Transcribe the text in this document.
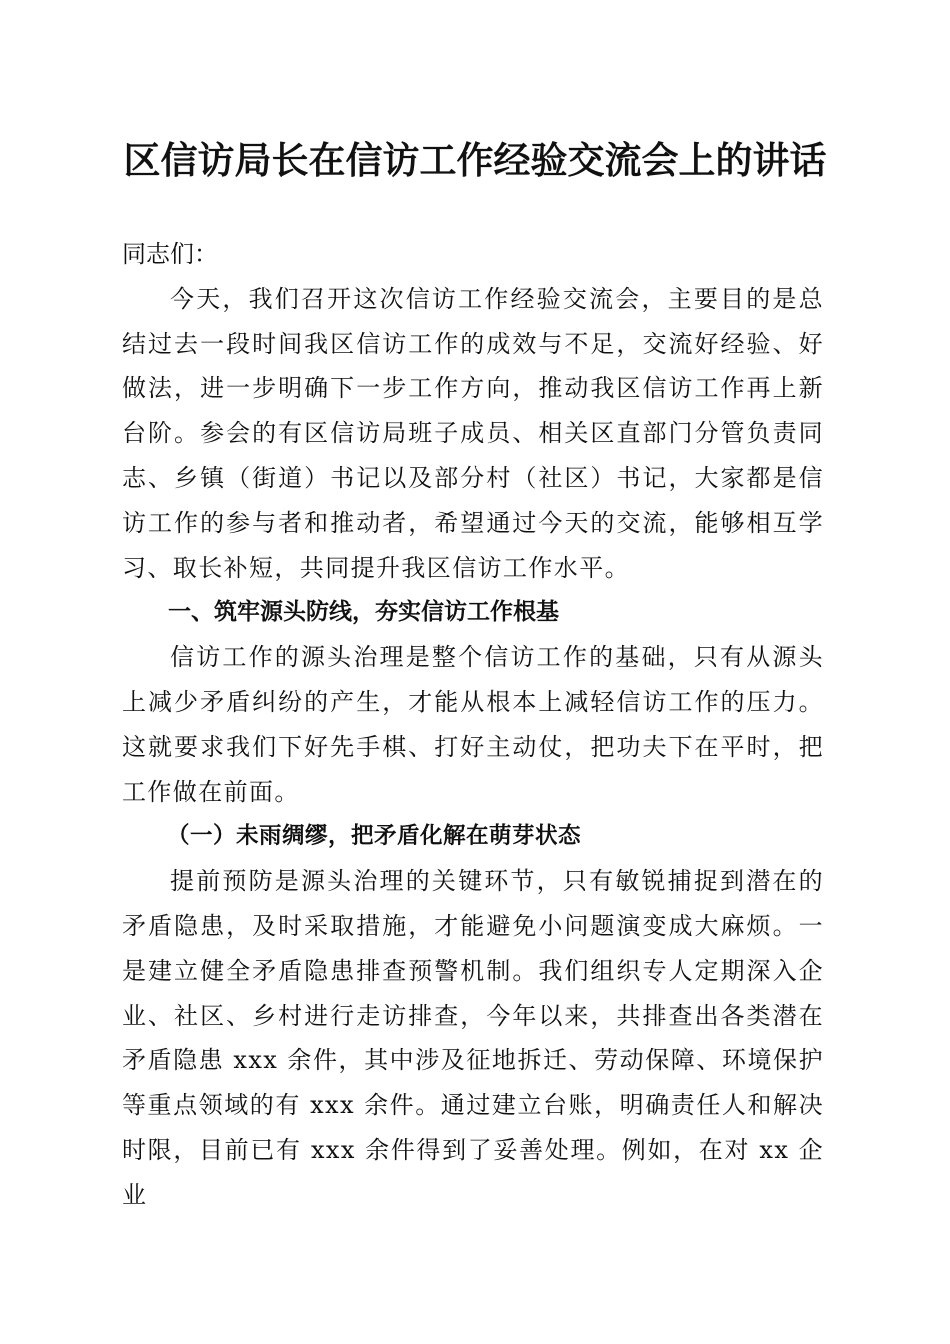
区信访局长在信访工作经验交流会上的讲话

同志们：

今天，我们召开这次信访工作经验交流会，主要目的是总结过去一段时间我区信访工作的成效与不足，交流好经验、好做法，进一步明确下一步工作方向，推动我区信访工作再上新台阶。参会的有区信访局班子成员、相关区直部门分管负责同志、乡镇（街道）书记以及部分村（社区）书记，大家都是信访工作的参与者和推动者，希望通过今天的交流，能够相互学习、取长补短，共同提升我区信访工作水平。

一、筑牢源头防线，夯实信访工作根基

信访工作的源头治理是整个信访工作的基础，只有从源头上减少矛盾纠纷的产生，才能从根本上减轻信访工作的压力。这就要求我们下好先手棋、打好主动仗，把功夫下在平时，把工作做在前面。

（一）未雨绸缪，把矛盾化解在萌芽状态

提前预防是源头治理的关键环节，只有敏锐捕捉到潜在的矛盾隐患，及时采取措施，才能避免小问题演变成大麻烦。一是建立健全矛盾隐患排查预警机制。我们组织专人定期深入企业、社区、乡村进行走访排查，今年以来，共排查出各类潜在矛盾隐患 xxx 余件，其中涉及征地拆迁、劳动保障、环境保护等重点领域的有 xxx 余件。通过建立台账，明确责任人和解决时限，目前已有 xxx 余件得到了妥善处理。例如，在对 xx 企业
